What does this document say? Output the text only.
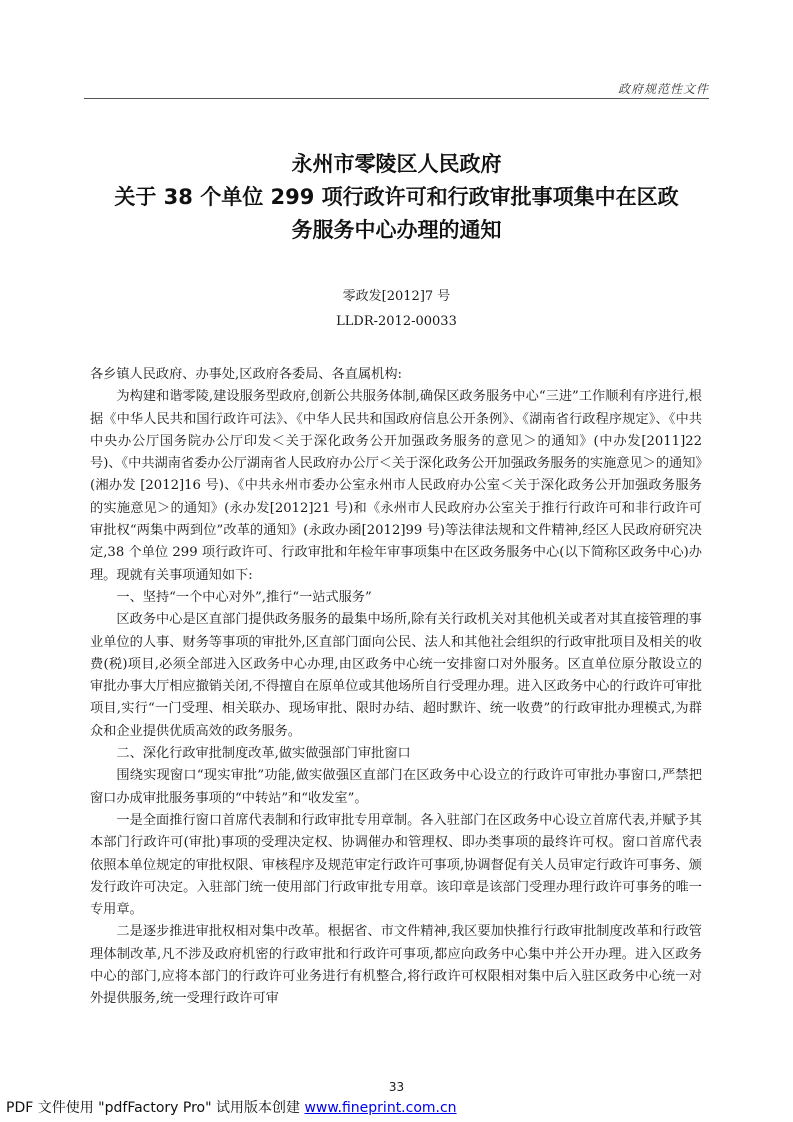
政府规范性文件
永州市零陵区人民政府
关于 38 个单位 299 项行政许可和行政审批事项集中在区政
务服务中心办理的通知
零政发[2012]7 号
LLDR-2012-00033

各乡镇人民政府、办事处,区政府各委局、各直属机构:

为构建和谐零陵,建设服务型政府,创新公共服务体制,确保区政务服务中心“三进”工作顺利有序进行,根据《中华人民共和国行政许可法》、《中华人民共和国政府信息公开条例》、《湖南省行政程序规定》、《中共中央办公厅国务院办公厅印发＜关于深化政务公开加强政务服务的意见＞的通知》(中办发[2011]22 号)、《中共湖南省委办公厅湖南省人民政府办公厅＜关于深化政务公开加强政务服务的实施意见＞的通知》(湘办发 [2012]16 号)、《中共永州市委办公室永州市人民政府办公室＜关于深化政务公开加强政务服务的实施意见＞的通知》(永办发[2012]21 号)和《永州市人民政府办公室关于推行行政许可和非行政许可审批权“两集中两到位”改革的通知》(永政办函[2012]99 号)等法律法规和文件精神,经区人民政府研究决定,38 个单位 299 项行政许可、行政审批和年检年审事项集中在区政务服务中心(以下简称区政务中心)办理。现就有关事项通知如下:

一、坚持“一个中心对外”,推行“一站式服务”

区政务中心是区直部门提供政务服务的最集中场所,除有关行政机关对其他机关或者对其直接管理的事业单位的人事、财务等事项的审批外,区直部门面向公民、法人和其他社会组织的行政审批项目及相关的收费(税)项目,必须全部进入区政务中心办理,由区政务中心统一安排窗口对外服务。区直单位原分散设立的审批办事大厅相应撤销关闭,不得擅自在原单位或其他场所自行受理办理。进入区政务中心的行政许可审批项目,实行“一门受理、相关联办、现场审批、限时办结、超时默许、统一收费”的行政审批办理模式,为群众和企业提供优质高效的政务服务。

二、深化行政审批制度改革,做实做强部门审批窗口

围绕实现窗口“现实审批”功能,做实做强区直部门在区政务中心设立的行政许可审批办事窗口,严禁把窗口办成审批服务事项的“中转站”和“收发室”。

一是全面推行窗口首席代表制和行政审批专用章制。各入驻部门在区政务中心设立首席代表,并赋予其本部门行政许可(审批)事项的受理决定权、协调催办和管理权、即办类事项的最终许可权。窗口首席代表依照本单位规定的审批权限、审核程序及规范审定行政许可事项,协调督促有关人员审定行政许可事务、颁发行政许可决定。入驻部门统一使用部门行政审批专用章。该印章是该部门受理办理行政许可事务的唯一专用章。

二是逐步推进审批权相对集中改革。根据省、市文件精神,我区要加快推行行政审批制度改革和行政管理体制改革,凡不涉及政府机密的行政审批和行政许可事项,都应向政务中心集中并公开办理。进入区政务中心的部门,应将本部门的行政许可业务进行有机整合,将行政许可权限相对集中后入驻区政务中心统一对外提供服务,统一受理行政许可审

33
PDF 文件使用 "pdfFactory Pro" 试用版本创建 www.fineprint.com.cn
